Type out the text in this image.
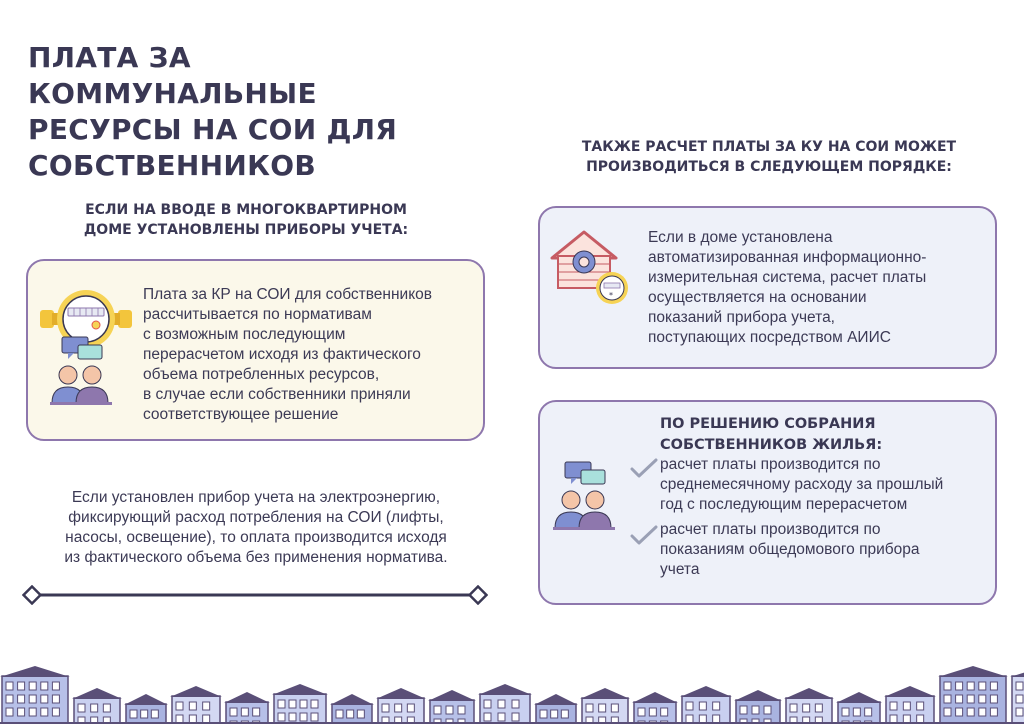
ПЛАТА ЗА КОММУНАЛЬНЫЕ
РЕСУРСЫ НА СОИ ДЛЯ
СОБСТВЕННИКОВ
ЕСЛИ НА ВВОДЕ В МНОГОКВАРТИРНОМ
ДОМЕ УСТАНОВЛЕНЫ ПРИБОРЫ УЧЕТА:
ТАКЖЕ РАСЧЕТ ПЛАТЫ ЗА КУ НА СОИ МОЖЕТ
ПРОИЗВОДИТЬСЯ В СЛЕДУЮЩЕМ ПОРЯДКЕ:
Плата за КР на СОИ для собственников
рассчитывается по нормативам
с возможным последующим
перерасчетом исходя из фактического
объема потребленных ресурсов,
в случае если собственники приняли
соответствующее решение
Если установлен прибор учета на электроэнергию,
фиксирующий расход потребления на СОИ (лифты,
насосы, освещение), то оплата производится исходя
из фактического объема без применения норматива.
Если в доме установлена
автоматизированная информационно-
измерительная система, расчет платы
осуществляется на основании
показаний прибора учета,
поступающих посредством АИИС
*
ПО РЕШЕНИЮ СОБРАНИЯ
СОБСТВЕННИКОВ ЖИЛЬЯ:
расчет платы производится по
среднемесячному расходу за прошлый
год с последующим перерасчетом
расчет платы производится по
показаниям общедомового прибора
учета
